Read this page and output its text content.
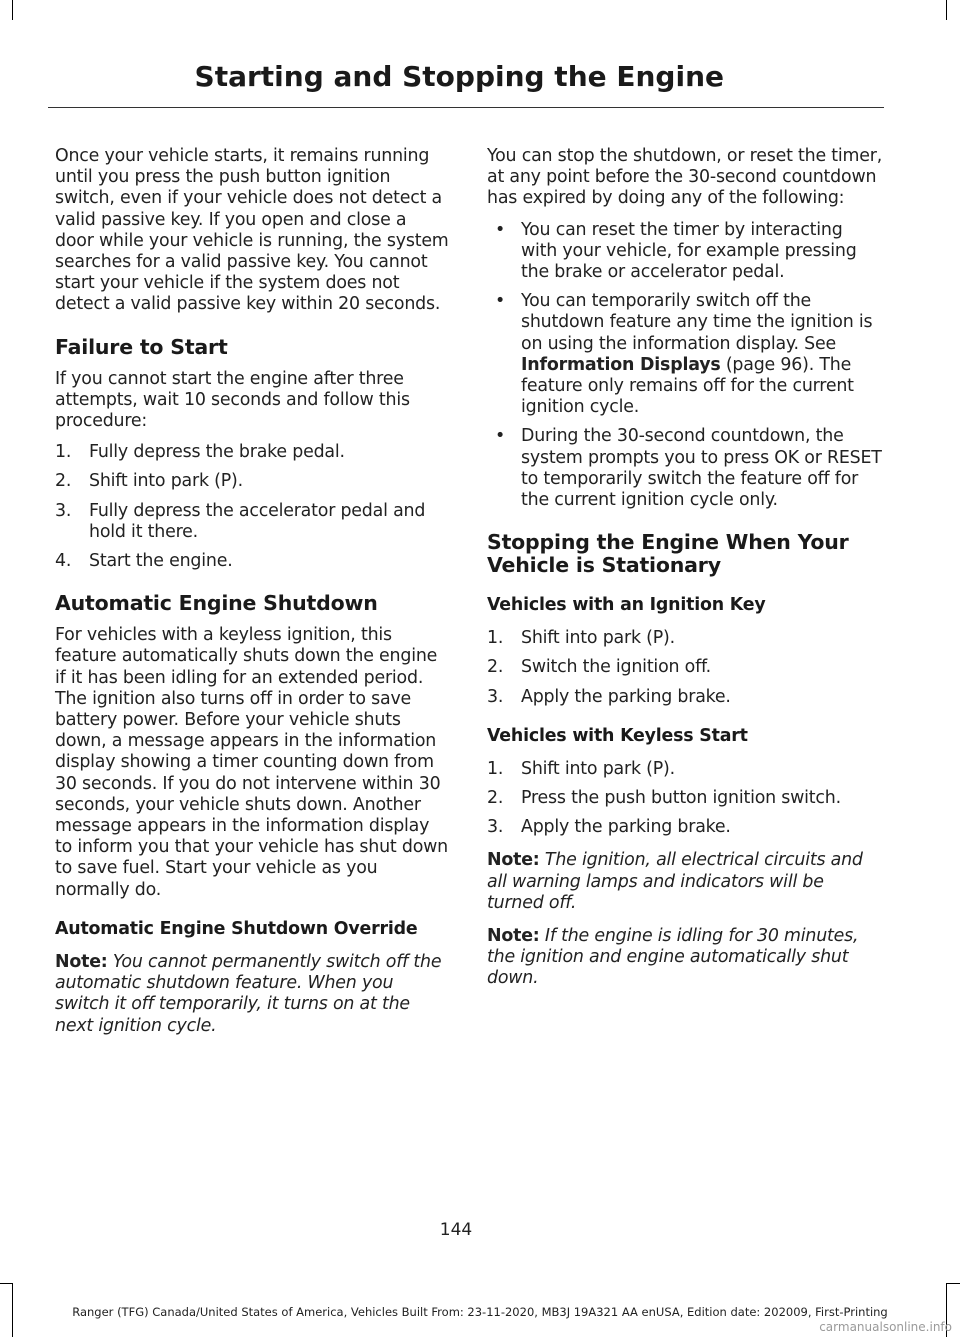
Starting and Stopping the Engine

Once your vehicle starts, it remains running until you press the push button ignition switch, even if your vehicle does not detect a valid passive key. If you open and close a door while your vehicle is running, the system searches for a valid passive key. You cannot start your vehicle if the system does not detect a valid passive key within 20 seconds.

Failure to Start

If you cannot start the engine after three attempts, wait 10 seconds and follow this procedure:

1. Fully depress the brake pedal.
2. Shift into park (P).
3. Fully depress the accelerator pedal and hold it there.
4. Start the engine.
Automatic Engine Shutdown

For vehicles with a keyless ignition, this feature automatically shuts down the engine if it has been idling for an extended period. The ignition also turns off in order to save battery power. Before your vehicle shuts down, a message appears in the information display showing a timer counting down from 30 seconds. If you do not intervene within 30 seconds, your vehicle shuts down. Another message appears in the information display to inform you that your vehicle has shut down to save fuel. Start your vehicle as you normally do.

Automatic Engine Shutdown Override

Note: You cannot permanently switch off the automatic shutdown feature. When you switch it off temporarily, it turns on at the next ignition cycle.

You can stop the shutdown, or reset the timer, at any point before the 30-second countdown has expired by doing any of the following:

• You can reset the timer by interacting with your vehicle, for example pressing the brake or accelerator pedal.
• You can temporarily switch off the shutdown feature any time the ignition is on using the information display. See Information Displays (page 96). The feature only remains off for the current ignition cycle.
• During the 30-second countdown, the system prompts you to press OK or RESET to temporarily switch the feature off for the current ignition cycle only.
Stopping the Engine When Your Vehicle is Stationary
Vehicles with an Ignition Key
1. Shift into park (P).
2. Switch the ignition off.
3. Apply the parking brake.
Vehicles with Keyless Start
1. Shift into park (P).
2. Press the push button ignition switch.
3. Apply the parking brake.

Note: The ignition, all electrical circuits and all warning lamps and indicators will be turned off.

Note: If the engine is idling for 30 minutes, the ignition and engine automatically shut down.

144
Ranger (TFG) Canada/United States of America, Vehicles Built From: 23-11-2020, MB3J 19A321 AA enUSA, Edition date: 202009, First-Printing
carmanualsonline.info
